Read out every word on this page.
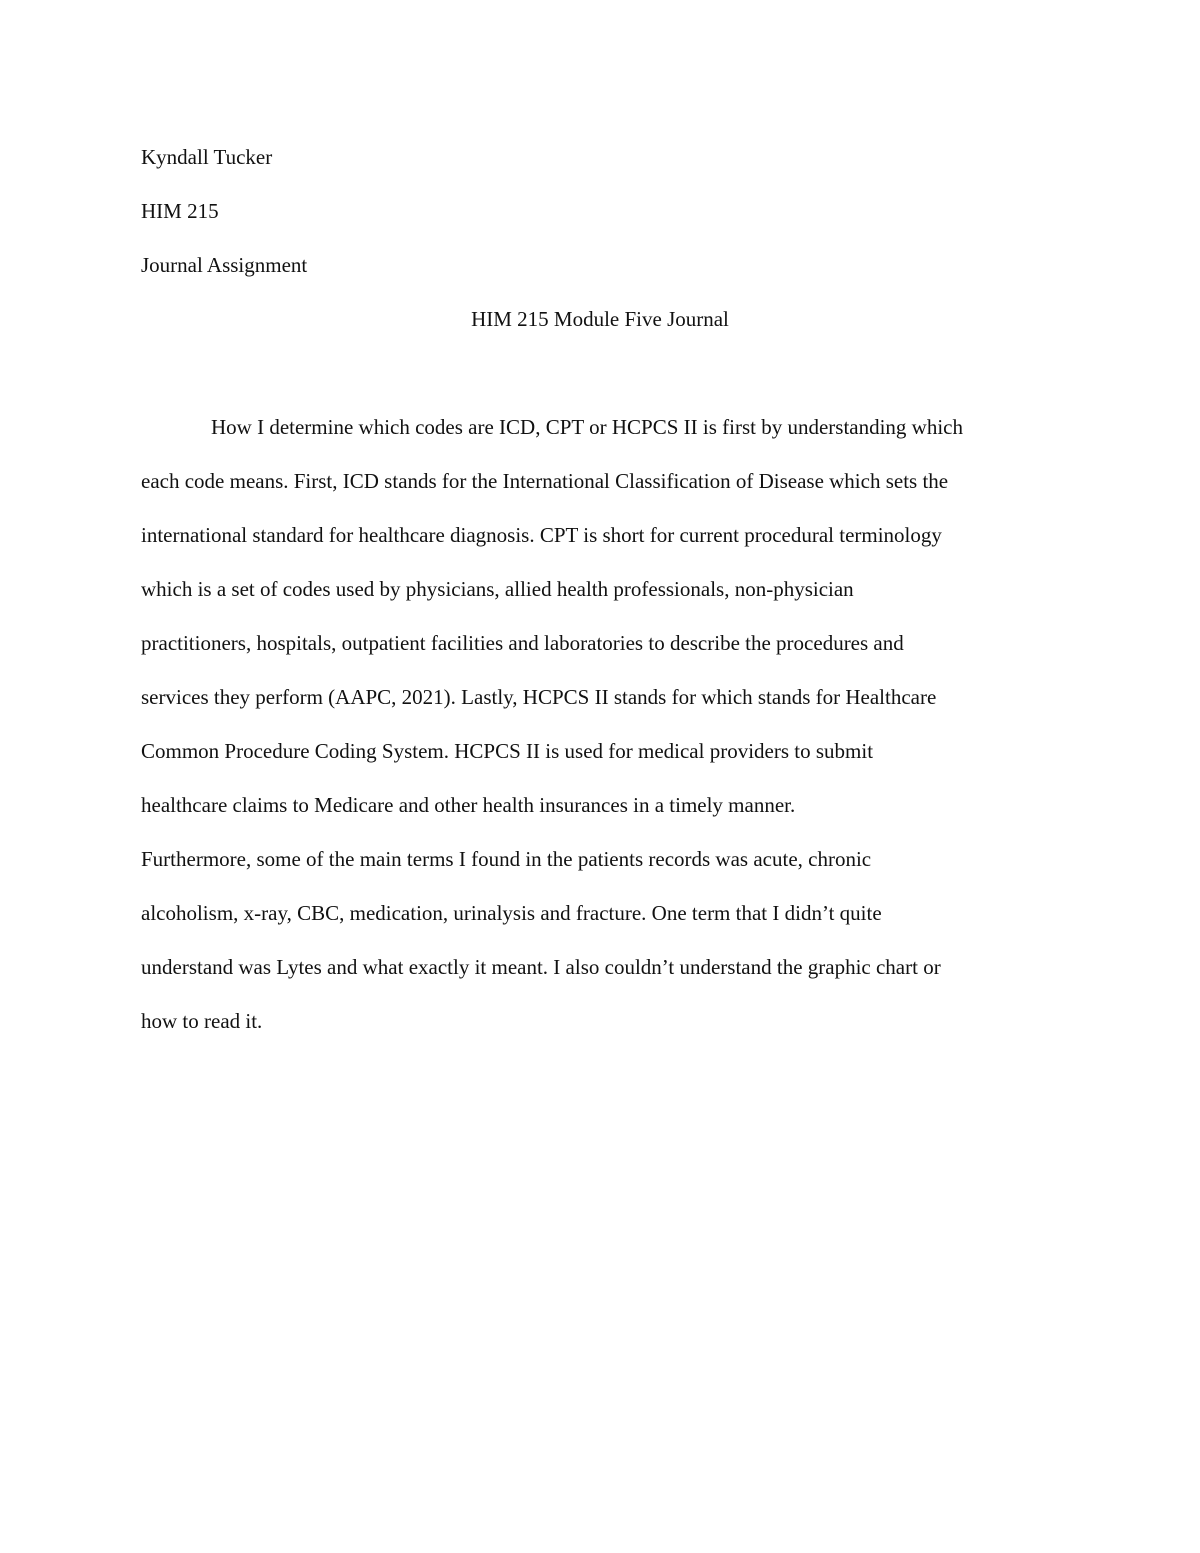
Kyndall Tucker
HIM 215
Journal Assignment
HIM 215 Module Five Journal
How I determine which codes are ICD, CPT or HCPCS II is first by understanding which
each code means. First, ICD stands for the International Classification of Disease which sets the
international standard for healthcare diagnosis. CPT is short for current procedural terminology
which is a set of codes used by physicians, allied health professionals, non-physician
practitioners, hospitals, outpatient facilities and laboratories to describe the procedures and
services they perform (AAPC, 2021). Lastly, HCPCS II stands for which stands for Healthcare
Common Procedure Coding System. HCPCS II is used for medical providers to submit
healthcare claims to Medicare and other health insurances in a timely manner.
Furthermore, some of the main terms I found in the patients records was acute, chronic
alcoholism, x-ray, CBC, medication, urinalysis and fracture. One term that I didn’t quite
understand was Lytes and what exactly it meant. I also couldn’t understand the graphic chart or
how to read it.
